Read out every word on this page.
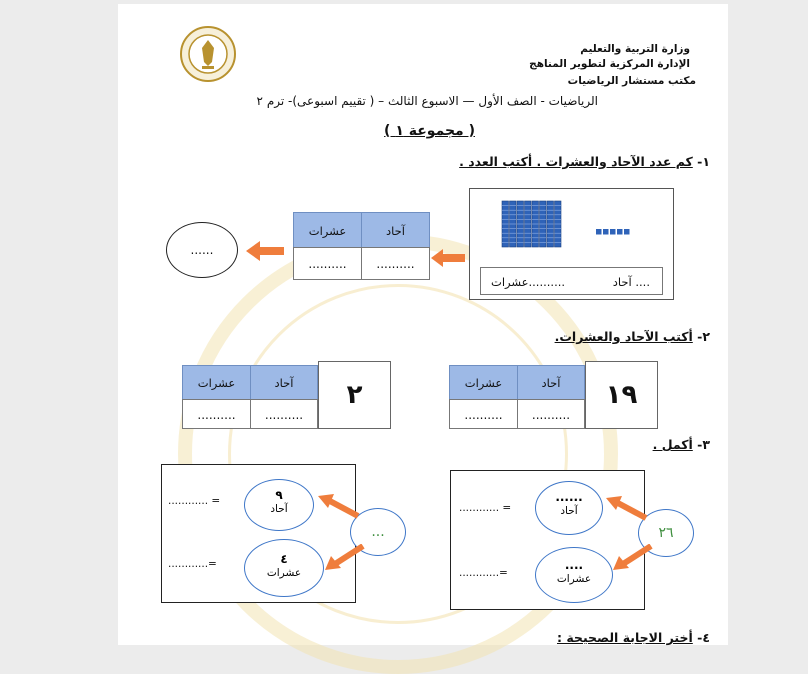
وزارة التربية والتعليم
الإدارة المركزية لتطوير المناهج
مكتب مستشار الرياضيات
الرياضيات - الصف الأول — الاسبوع الثالث – ( تقييم اسبوعى)- ترم ٢
( مجموعة ١ )
١- كم عدد الآحاد والعشرات . أكتب العدد .
.... آحاد
..........عشرات
آحاد
عشرات
..........
..........
......
٢- أكتب الآحاد والعشرات.
آحاد
عشرات
..........
..........
٢	آحاد
عشرات
..........
..........
١٩
٣- أكمل .
٩
آحاد
٤
عشرات
............ =
............=
...
......
آحاد
....
عشرات
............ =
............=
٢٦
٤- أختر الاجابة الصحيحة :
